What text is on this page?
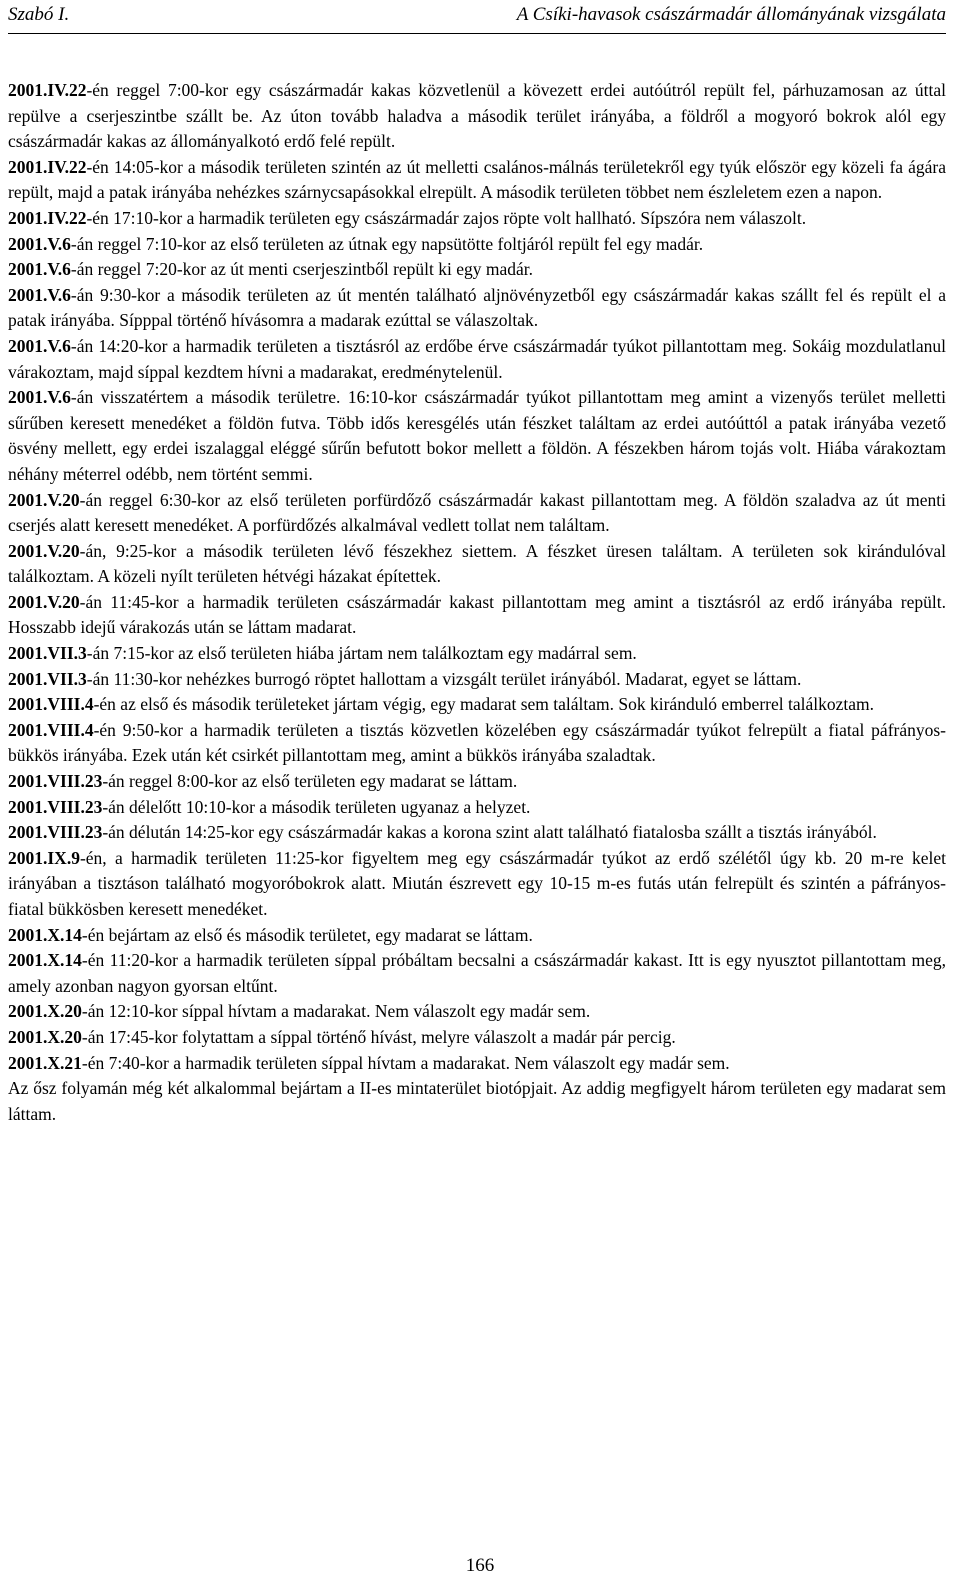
Szabó I.	A Csíki-havasok császármadár állományának vizsgálata

2001.IV.22-én reggel 7:00-kor egy császármadár kakas közvetlenül a kövezett erdei autóútról repült fel, párhuzamosan az úttal repülve a cserjeszintbe szállt be. Az úton tovább haladva a második terület irányába, a földről a mogyoró bokrok alól egy császármadár kakas az állományalkotó erdő felé repült.

2001.IV.22-én 14:05-kor a második területen szintén az út melletti csalános-málnás területekről egy tyúk először egy közeli fa ágára repült, majd a patak irányába nehézkes szárnycsapásokkal elrepült. A második területen többet nem észleletem ezen a napon.

2001.IV.22-én 17:10-kor a harmadik területen egy császármadár zajos röpte volt hallható. Sípszóra nem válaszolt.

2001.V.6-án reggel 7:10-kor az első területen az útnak egy napsütötte foltjáról repült fel egy madár.

2001.V.6-án reggel 7:20-kor az út menti cserjeszintből repült ki egy madár.

2001.V.6-án 9:30-kor a második területen az út mentén található aljnövényzetből egy császármadár kakas szállt fel és repült el a patak irányába. Sípppal történő hívásomra a madarak ezúttal se válaszoltak.

2001.V.6-án 14:20-kor a harmadik területen a tisztásról az erdőbe érve császármadár tyúkot pillantottam meg. Sokáig mozdulatlanul várakoztam, majd síppal kezdtem hívni a madarakat, eredménytelenül.

2001.V.6-án visszatértem a második területre. 16:10-kor császármadár tyúkot pillantottam meg amint a vizenyős terület melletti sűrűben keresett menedéket a földön futva. Több idős keresgélés után fészket találtam az erdei autóúttól a patak irányába vezető ösvény mellett, egy erdei iszalaggal eléggé sűrűn befutott bokor mellett a földön. A fészekben három tojás volt. Hiába várakoztam néhány méterrel odébb, nem történt semmi.

2001.V.20-án reggel 6:30-kor az első területen porfürdőző császármadár kakast pillantottam meg. A földön szaladva az út menti cserjés alatt keresett menedéket. A porfürdőzés alkalmával vedlett tollat nem találtam.

2001.V.20-án, 9:25-kor a második területen lévő fészekhez siettem. A fészket üresen találtam. A területen sok kirándulóval találkoztam. A közeli nyílt területen hétvégi házakat építettek.

2001.V.20-án 11:45-kor a harmadik területen császármadár kakast pillantottam meg amint a tisztásról az erdő irányába repült. Hosszabb idejű várakozás után se láttam madarat.

2001.VII.3-án 7:15-kor az első területen hiába jártam nem találkoztam egy madárral sem.

2001.VII.3-án 11:30-kor nehézkes burrogó röptet hallottam a vizsgált terület irányából. Madarat, egyet se láttam.

2001.VIII.4-én az első és második területeket jártam végig, egy madarat sem találtam. Sok kiránduló emberrel találkoztam.

2001.VIII.4-én 9:50-kor a harmadik területen a tisztás közvetlen közelében egy császármadár tyúkot felrepült a fiatal páfrányos-bükkös irányába. Ezek után két csirkét pillantottam meg, amint a bükkös irányába szaladtak.

2001.VIII.23-án reggel 8:00-kor az első területen egy madarat se láttam.

2001.VIII.23-án délelőtt 10:10-kor a második területen ugyanaz a helyzet.

2001.VIII.23-án délután 14:25-kor egy császármadár kakas a korona szint alatt található fiatalosba szállt a tisztás irányából.

2001.IX.9-én, a harmadik területen 11:25-kor figyeltem meg egy császármadár tyúkot az erdő szélétől úgy kb. 20 m-re kelet irányában a tisztáson található mogyoróbokrok alatt. Miután észrevett egy 10-15 m-es futás után felrepült és szintén a páfrányos-fiatal bükkösben keresett menedéket.

2001.X.14-én bejártam az első és második területet, egy madarat se láttam.

2001.X.14-én 11:20-kor a harmadik területen síppal próbáltam becsalni a császármadár kakast. Itt is egy nyusztot pillantottam meg, amely azonban nagyon gyorsan eltűnt.

2001.X.20-án 12:10-kor síppal hívtam a madarakat. Nem válaszolt egy madár sem.

2001.X.20-án 17:45-kor folytattam a síppal történő hívást, melyre válaszolt a madár pár percig.

2001.X.21-én 7:40-kor a harmadik területen síppal hívtam a madarakat. Nem válaszolt egy madár sem.

Az ősz folyamán még két alkalommal bejártam a II-es mintaterület biotópjait. Az addig megfigyelt három területen egy madarat sem láttam.

166
